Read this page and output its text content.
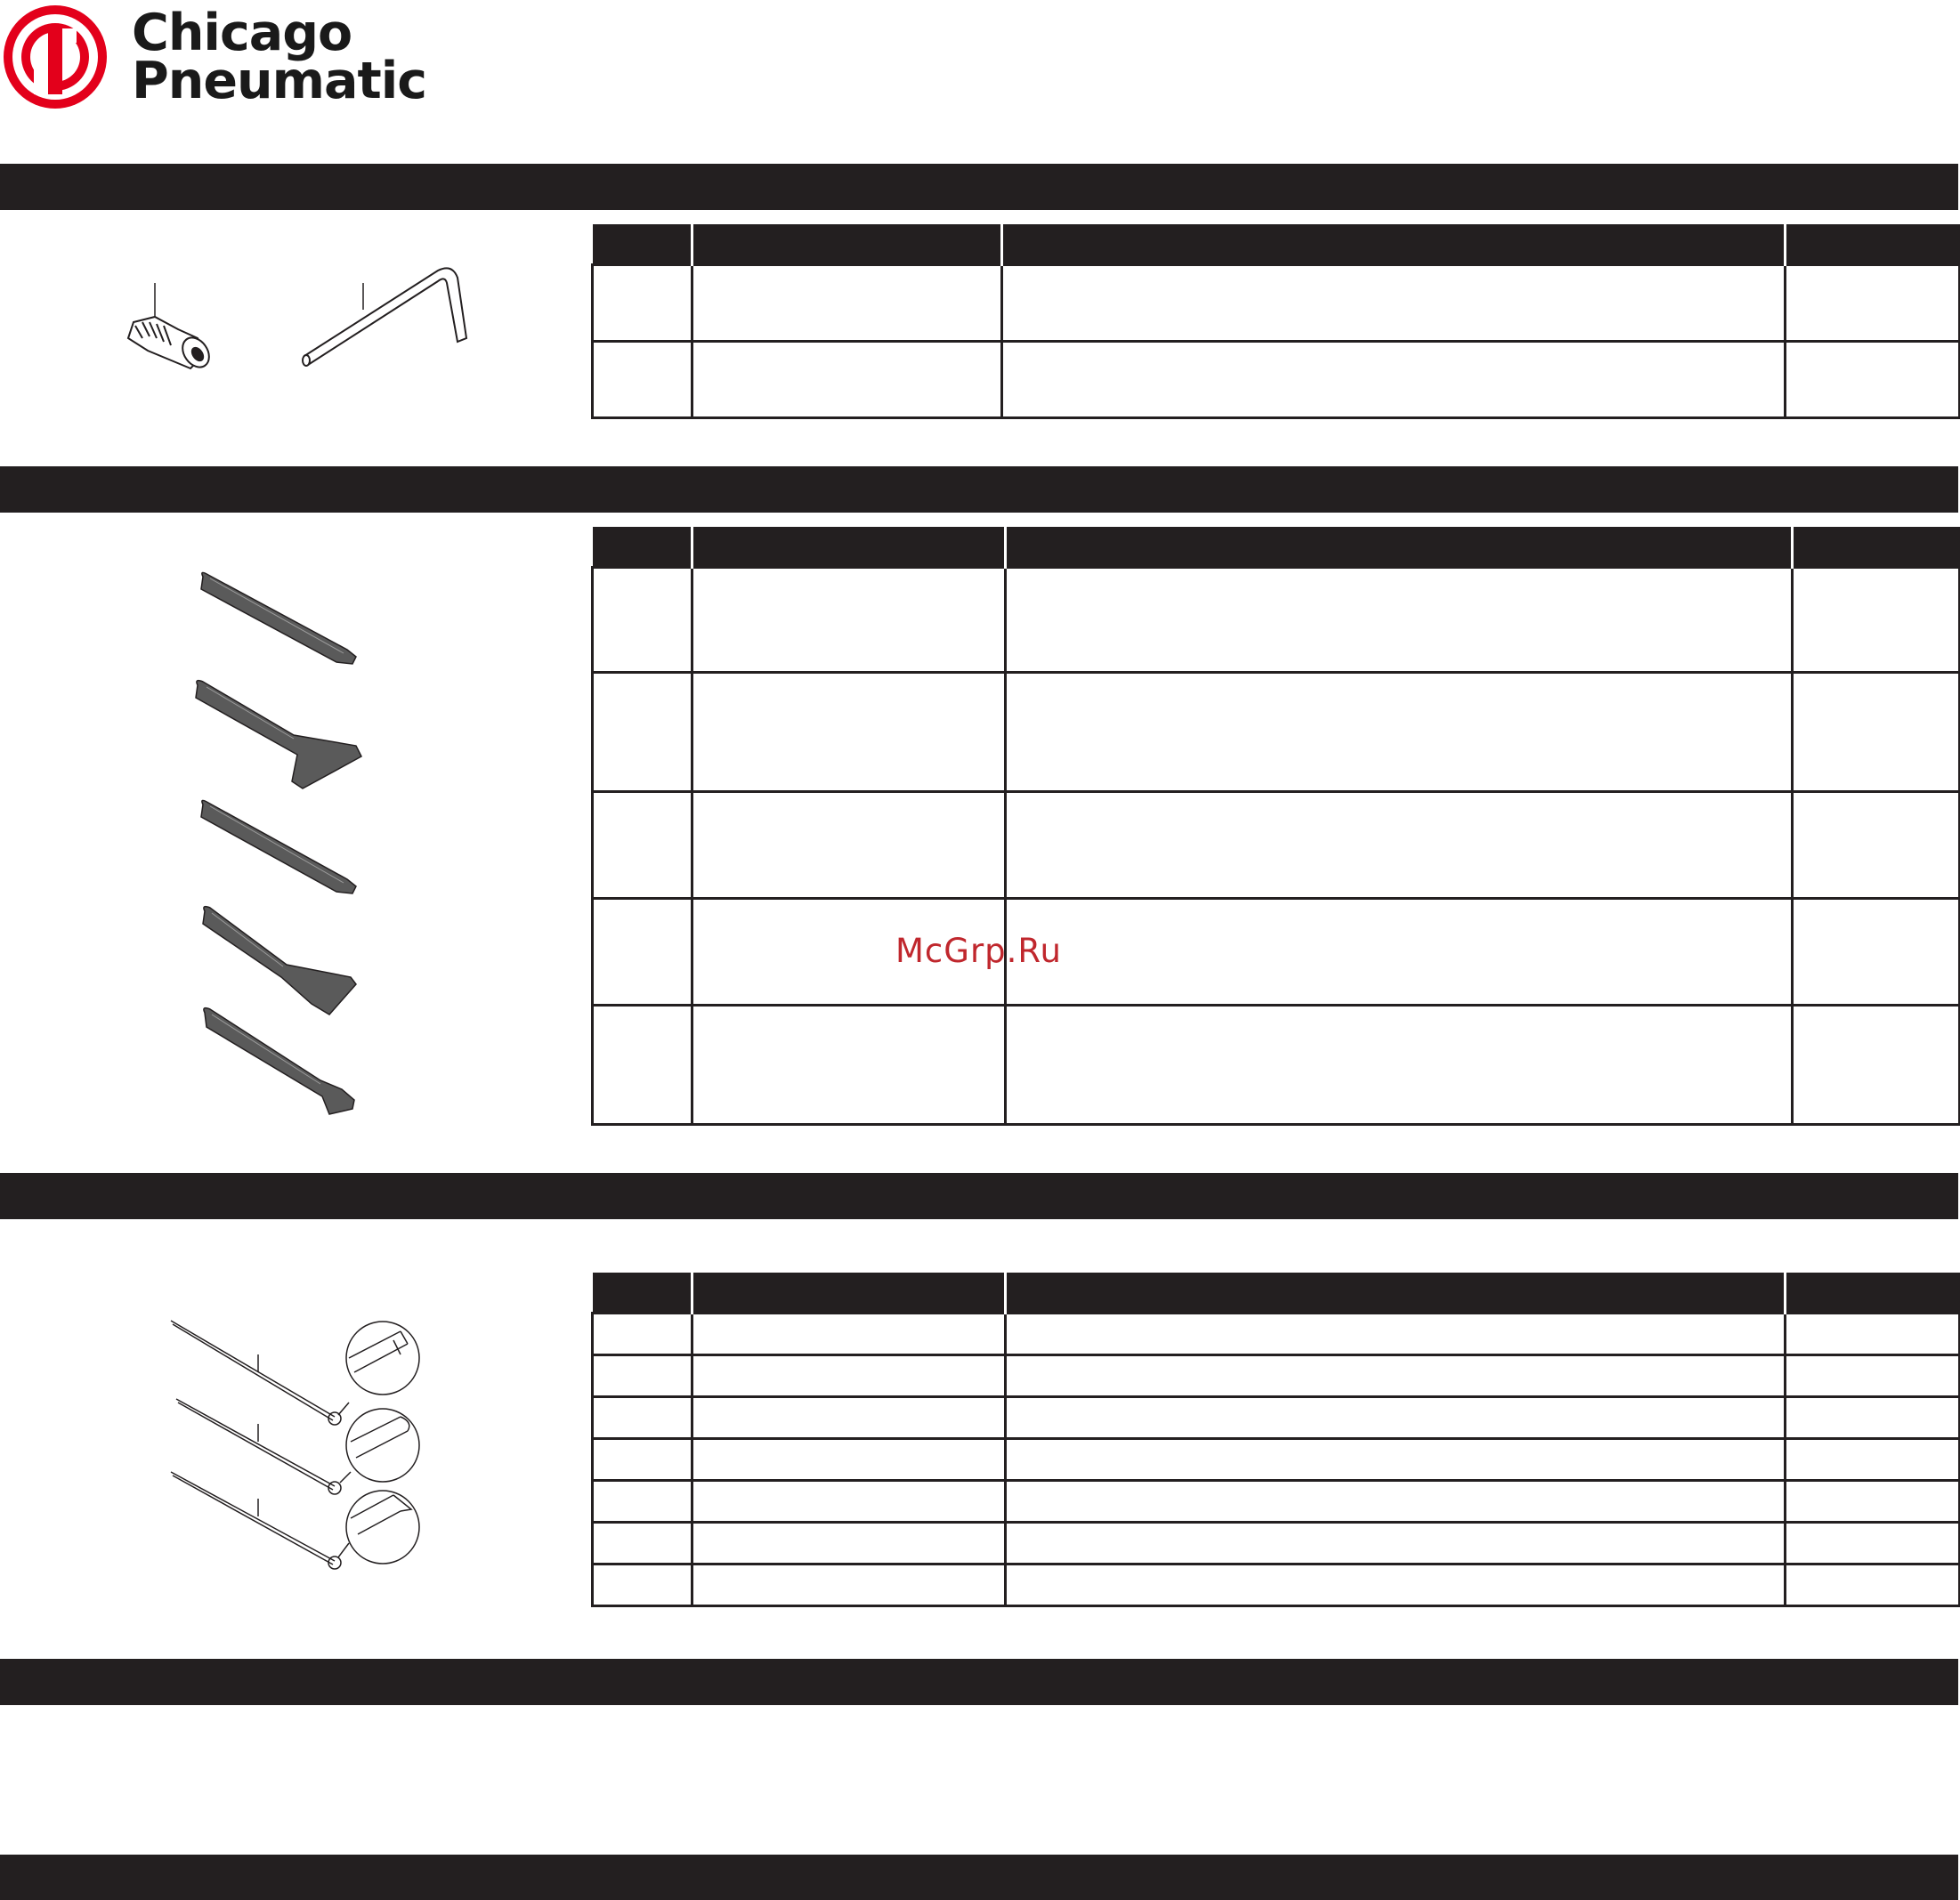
Chicago
Pneumatic

McGrp.Ru
